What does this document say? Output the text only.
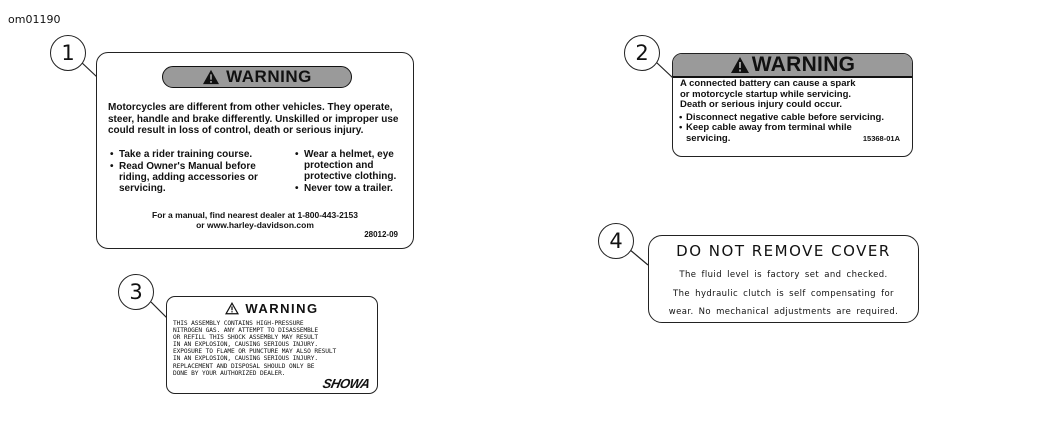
om01190
1	2
3
4
WARNING
Motorcycles are different from other vehicles. They operate, steer, handle and brake differently. Unskilled or improper use could result in loss of control, death or serious injury.
• Take a rider training course.
• Read Owner's Manual before riding, adding accessories or servicing.
• Wear a helmet, eye protection and protective clothing.
• Never tow a trailer.
For a manual, find nearest dealer at 1-800-443-2153
or www.harley-davidson.com
28012-09
WARNING
A connected battery can cause a spark
or motorcycle startup while servicing.
Death or serious injury could occur.
• Disconnect negative cable before servicing.
• Keep cable away from terminal while
servicing.	15368-01A
WARNING
THIS ASSEMBLY CONTAINS HIGH-PRESSURE
NITROGEN GAS. ANY ATTEMPT TO DISASSEMBLE
OR REFILL THIS SHOCK ASSEMBLY MAY RESULT
IN AN EXPLOSION, CAUSING SERIOUS INJURY.
EXPOSURE TO FLAME OR PUNCTURE MAY ALSO RESULT
IN AN EXPLOSION, CAUSING SERIOUS INJURY.
REPLACEMENT AND DISPOSAL SHOULD ONLY BE
DONE BY YOUR AUTHORIZED DEALER.
SHOWA
DO NOT REMOVE COVER
The fluid level is factory set and checked.
The hydraulic clutch is self compensating for
wear. No mechanical adjustments are required.
